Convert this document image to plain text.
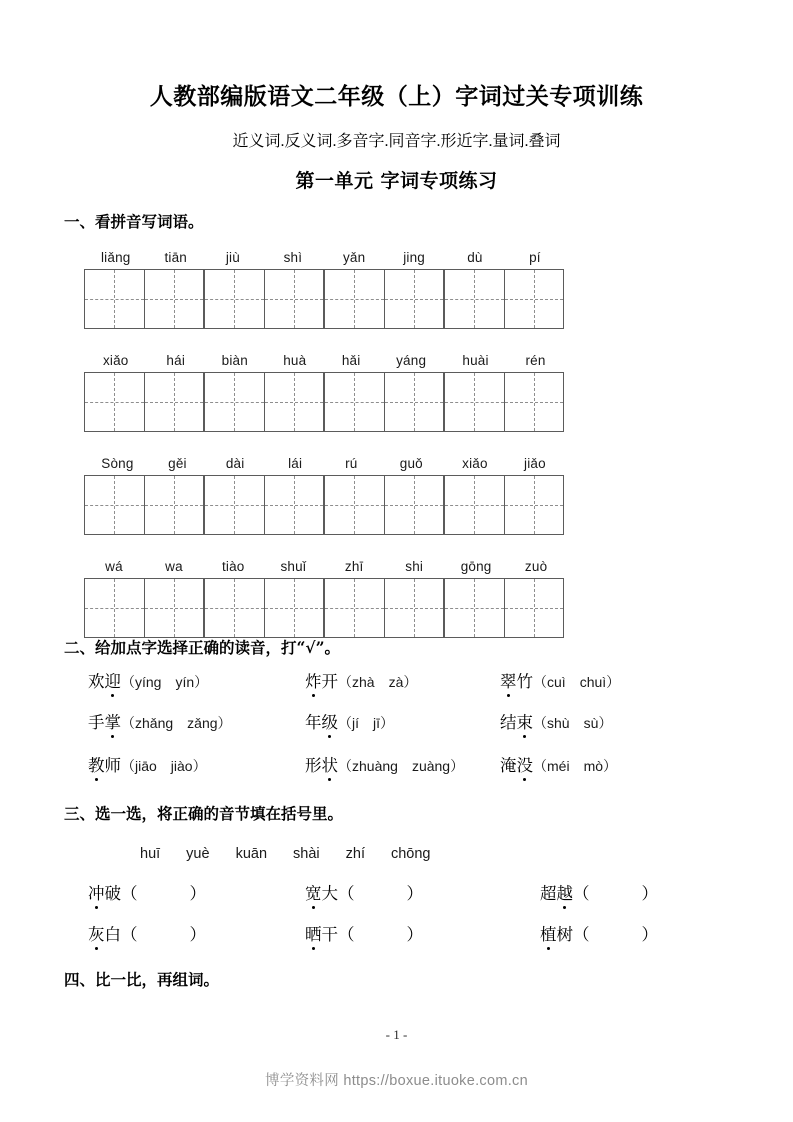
人教部编版语文二年级（上）字词过关专项训练
近义词.反义词.多音字.同音字.形近字.量词.叠词
第一单元 字词专项练习
一、看拼音写词语。
liǎng	tiān	jiù	shì	yǎn	jing	dù	pí
xiǎo	hái	biàn	huà	hǎi	yáng	huài	rén
Sòng	gěi	dài	lái	rú	guǒ	xiǎo	jiǎo
wá	wa	tiào	shuǐ	zhī	shi	gōng zuò
二、给加点字选择正确的读音，打“√”。
欢 迎 （yíng yín）	炸 开 （zhà zà）	翠 竹 （cuì chuì）
手 掌 （zhǎng zǎng）	年 级 （jí jī）	结 束 （shù sù）
教 师 （jiāo jiào）	形 状 （zhuàng zuàng） 淹 没 （méi mò）
三、选一选，将正确的音节填在括号里。
huī yuè kuān shài zhí chōng
冲 破 （	）	宽 大 （	）	超 越 （	）
灰 白 （	）	晒 干 （	）	植 树 （	）
四、比一比，再组词。
- 1 -
博学资料网 https://boxue.ituoke.com.cn
